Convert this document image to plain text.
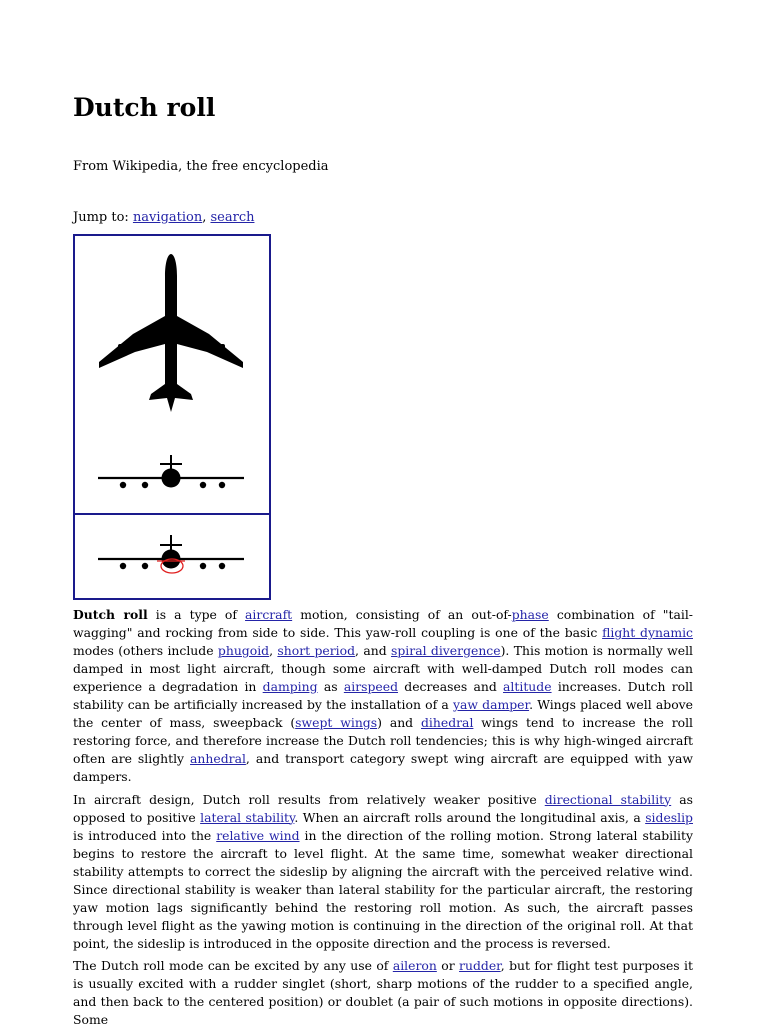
Dutch roll

From Wikipedia, the free encyclopedia

Jump to: navigation, search

Dutch roll is a type of aircraft motion, consisting of an out-of-phase combination of "tail-wagging" and rocking from side to side. This yaw-roll coupling is one of the basic flight dynamic modes (others include phugoid, short period, and spiral divergence). This motion is normally well damped in most light aircraft, though some aircraft with well-damped Dutch roll modes can experience a degradation in damping as airspeed decreases and altitude increases. Dutch roll stability can be artificially increased by the installation of a yaw damper. Wings placed well above the center of mass, sweepback (swept wings) and dihedral wings tend to increase the roll restoring force, and therefore increase the Dutch roll tendencies; this is why high-winged aircraft often are slightly anhedral, and transport category swept wing aircraft are equipped with yaw dampers.

In aircraft design, Dutch roll results from relatively weaker positive directional stability as opposed to positive lateral stability. When an aircraft rolls around the longitudinal axis, a sideslip is introduced into the relative wind in the direction of the rolling motion. Strong lateral stability begins to restore the aircraft to level flight. At the same time, somewhat weaker directional stability attempts to correct the sideslip by aligning the aircraft with the perceived relative wind. Since directional stability is weaker than lateral stability for the particular aircraft, the restoring yaw motion lags significantly behind the restoring roll motion. As such, the aircraft passes through level flight as the yawing motion is continuing in the direction of the original roll. At that point, the sideslip is introduced in the opposite direction and the process is reversed.

The Dutch roll mode can be excited by any use of aileron or rudder, but for flight test purposes it is usually excited with a rudder singlet (short, sharp motions of the rudder to a specified angle, and then back to the centered position) or doublet (a pair of such motions in opposite directions). Some
